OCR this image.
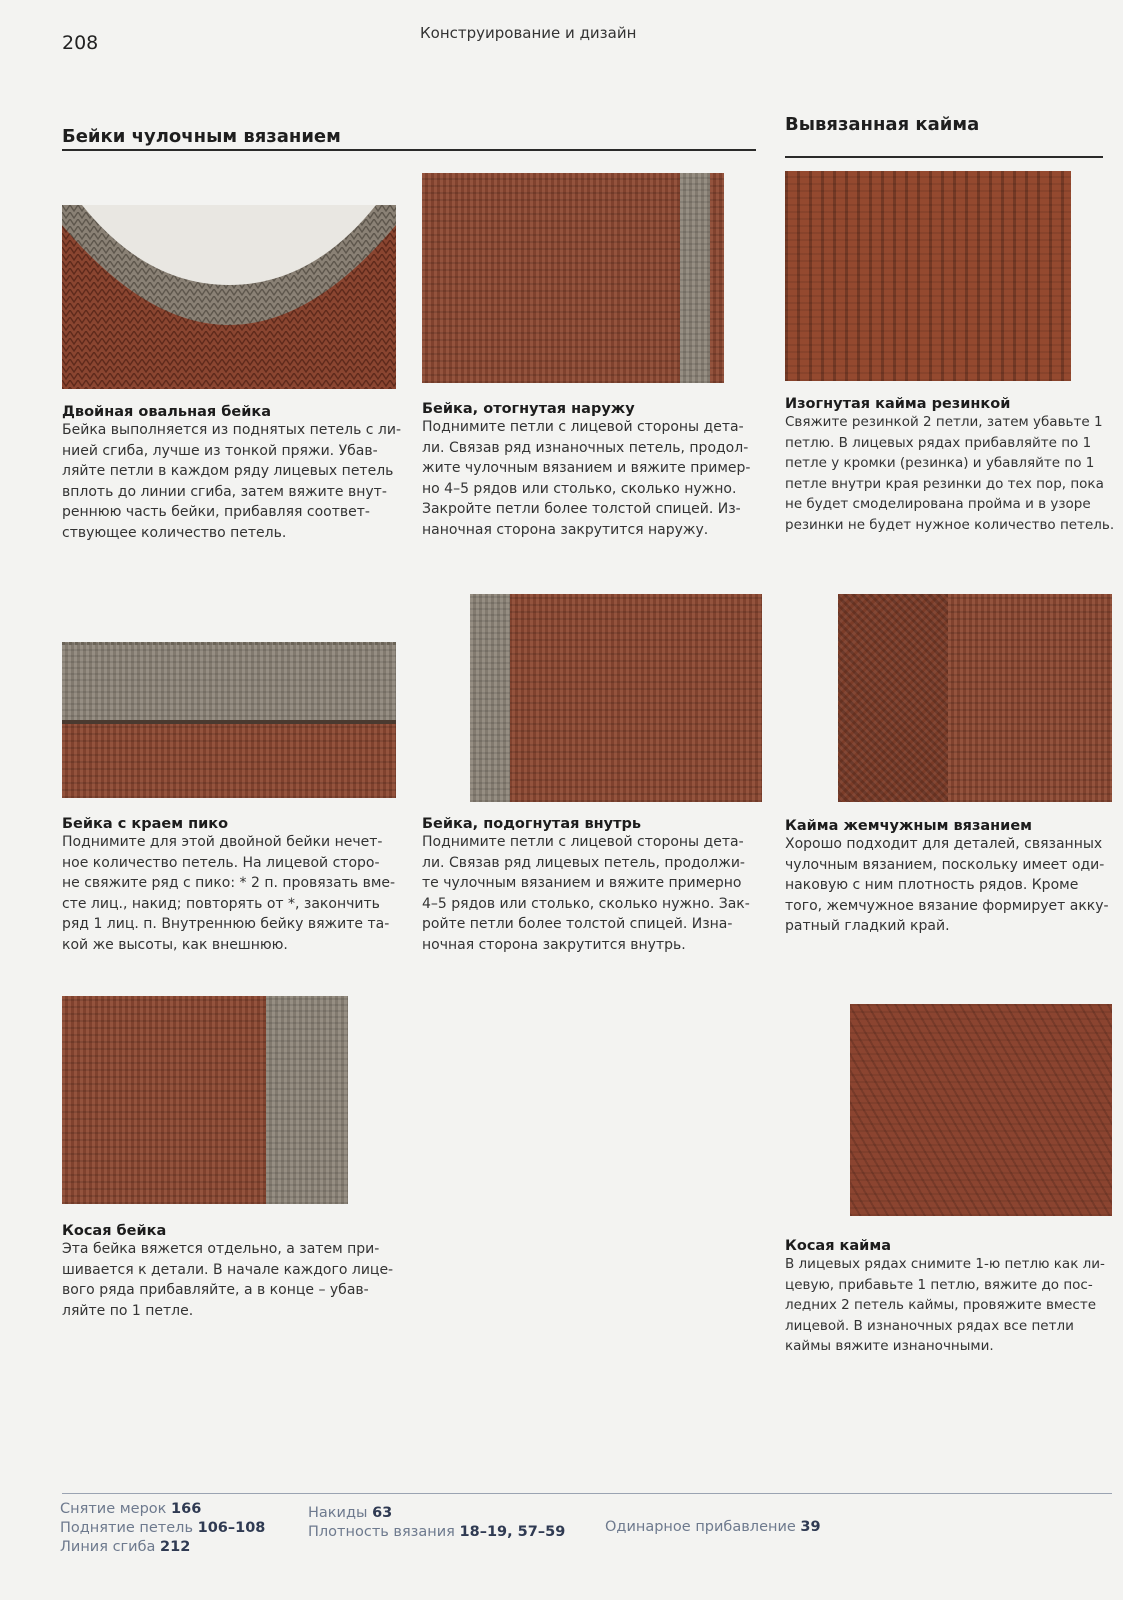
208	Конструирование и дизайн
Бейки чулочным вязанием
Вывязанная кайма
Двойная овальная бейка
Бейка выполняется из поднятых петель с ли-
нией сгиба, лучше из тонкой пряжи. Убав-
ляйте петли в каждом ряду лицевых петель
вплоть до линии сгиба, затем вяжите внут-
реннюю часть бейки, прибавляя соответ-
ствующее количество петель.
Бейка, отогнутая наружу
Поднимите петли с лицевой стороны дета-
ли. Связав ряд изнаночных петель, продол-
жите чулочным вязанием и вяжите пример-
но 4–5 рядов или столько, сколько нужно.
Закройте петли более толстой спицей. Из-
наночная сторона закрутится наружу.
Изогнутая кайма резинкой
Свяжите резинкой 2 петли, затем убавьте 1
петлю. В лицевых рядах прибавляйте по 1
петле у кромки (резинка) и убавляйте по 1
петле внутри края резинки до тех пор, пока
не будет смоделирована пройма и в узоре
резинки не будет нужное количество петель.
Бейка с краем пико
Поднимите для этой двойной бейки нечет-
ное количество петель. На лицевой сторо-
не свяжите ряд с пико: * 2 п. провязать вме-
сте лиц., накид; повторять от *, закончить
ряд 1 лиц. п. Внутреннюю бейку вяжите та-
кой же высоты, как внешнюю.
Бейка, подогнутая внутрь
Поднимите петли с лицевой стороны дета-
ли. Связав ряд лицевых петель, продолжи-
те чулочным вязанием и вяжите примерно
4–5 рядов или столько, сколько нужно. Зак-
ройте петли более толстой спицей. Изна-
ночная сторона закрутится внутрь.
Кайма жемчужным вязанием
Хорошо подходит для деталей, связанных
чулочным вязанием, поскольку имеет оди-
наковую с ним плотность рядов. Кроме
того, жемчужное вязание формирует акку-
ратный гладкий край.
Косая бейка
Эта бейка вяжется отдельно, а затем при-
шивается к детали. В начале каждого лице-
вого ряда прибавляйте, а в конце – убав-
ляйте по 1 петле.
Косая кайма
В лицевых рядах снимите 1-ю петлю как ли-
цевую, прибавьте 1 петлю, вяжите до пос-
ледних 2 петель каймы, провяжите вместе
лицевой. В изнаночных рядах все петли
каймы вяжите изнаночными.
Снятие мерок 166
Поднятие петель 106–108
Линия сгиба 212
Накиды 63
Плотность вязания 18–19, 57–59	Одинарное прибавление 39
